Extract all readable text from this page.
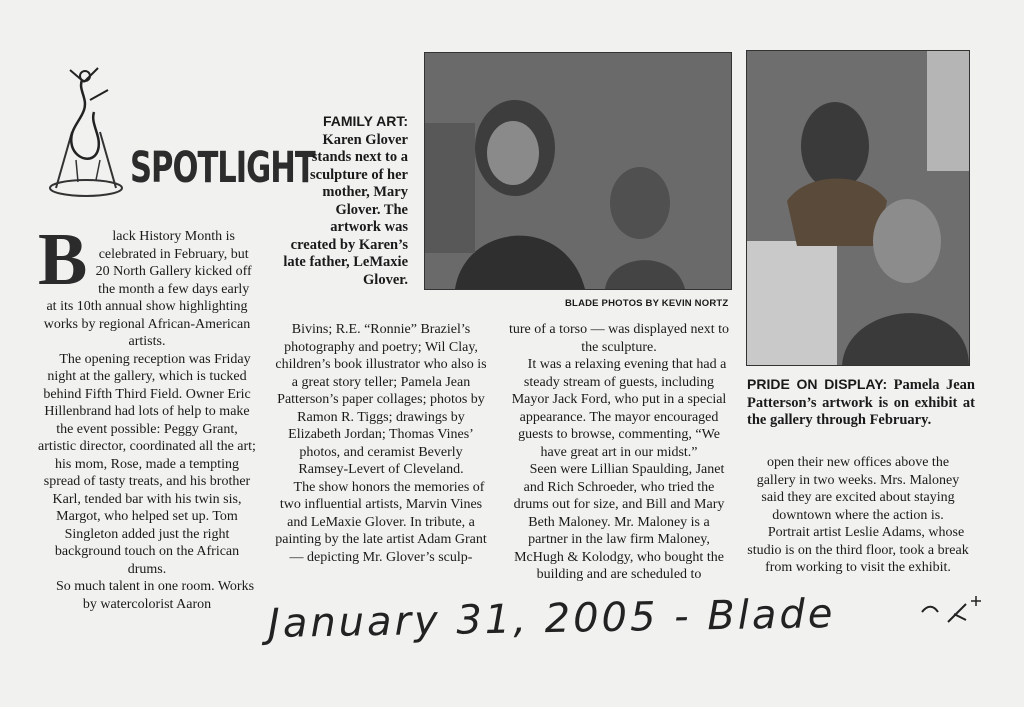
SPOTLIGHT

B lack History Month is celebrated in February, but 20 North Gallery kicked off the month a few days early at its 10th annual show highlighting works by regional African-American artists.

The opening reception was Friday night at the gallery, which is tucked behind Fifth Third Field. Owner Eric Hillenbrand had lots of help to make the event possible: Peggy Grant, artistic director, coordinated all the art; his mom, Rose, made a tempting spread of tasty treats, and his brother Karl, tended bar with his twin sis, Margot, who helped set up. Tom Singleton added just the right background touch on the African drums.

So much talent in one room. Works by watercolorist Aaron

FAMILY ART: Karen Glover stands next to a sculpture of her mother, Mary Glover. The artwork was created by Karen’s late father, LeMaxie Glover.
BLADE PHOTOS BY KEVIN NORTZ
PRIDE ON DISPLAY: Pamela Jean Patterson’s artwork is on exhibit at the gallery through February.

Bivins; R.E. “Ronnie” Braziel’s photography and poetry; Wil Clay, children’s book illustrator who also is a great story teller; Pamela Jean Patterson’s paper collages; photos by Ramon R. Tiggs; drawings by Elizabeth Jordan; Thomas Vines’ photos, and ceramist Beverly Ramsey-Levert of Cleveland.

The show honors the memories of two influential artists, Marvin Vines and LeMaxie Glover. In tribute, a painting by the late artist Adam Grant — depicting Mr. Glover’s sculp-

ture of a torso — was displayed next to the sculpture.

It was a relaxing evening that had a steady stream of guests, including Mayor Jack Ford, who put in a special appearance. The mayor encouraged guests to browse, commenting, “We have great art in our midst.”

Seen were Lillian Spaulding, Janet and Rich Schroeder, who tried the drums out for size, and Bill and Mary Beth Maloney. Mr. Maloney is a partner in the law firm Maloney, McHugh & Kolodgy, who bought the building and are scheduled to

open their new offices above the gallery in two weeks. Mrs. Maloney said they are excited about staying downtown where the action is.

Portrait artist Leslie Adams, whose studio is on the third floor, took a break from working to visit the exhibit.

January 31, 2005 - Blade
